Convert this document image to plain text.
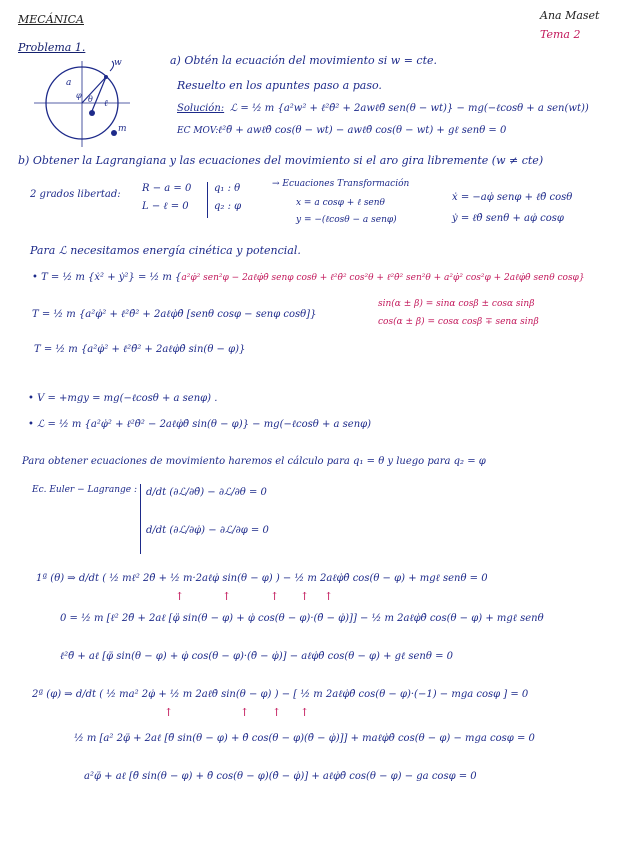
MECÁNICA	Ana Maset
Tema 2
Problema 1.
w
a
θ
φ
ℓ
m
a) Obtén la ecuación del movimiento si w = cte.
Resuelto en los apuntes paso a paso.
Solución: ℒ = ½ m {a²w² + ℓ²θ̇² + 2awℓθ̇ sen(θ − wt)} − mg(−ℓcosθ + a sen(wt))
EC MOV: ℓ²θ̈ + awℓθ̇ cos(θ − wt) − awℓθ̇ cos(θ − wt) + gℓ senθ = 0
b) Obtener la Lagrangiana y las ecuaciones del movimiento si el aro gira libremente (w ≠ cte)
2 grados libertad:
R − a = 0
L − ℓ = 0
q₁ : θ
q₂ : φ
→ Ecuaciones Transformación
x = a cosφ + ℓ senθ
y = −(ℓcosθ − a senφ)
ẋ = −aφ̇ senφ + ℓθ̇ cosθ
ẏ = ℓθ̇ senθ + aφ̇ cosφ
Para ℒ necesitamos energía cinética y potencial.
• T = ½ m {ẋ² + ẏ²} = ½ m {a²φ̇² sen²φ − 2aℓφ̇θ̇ senφ cosθ + ℓ²θ̇² cos²θ + ℓ²θ̇² sen²θ + a²φ̇² cos²φ + 2aℓφ̇θ̇ senθ cosφ}
T = ½ m {a²φ̇² + ℓ²θ̇² + 2aℓφ̇θ̇ [senθ cosφ − senφ cosθ]}
sin(α ± β) = sinα cosβ ± cosα sinβ
cos(α ± β) = cosα cosβ ∓ senα sinβ
T = ½ m {a²φ̇² + ℓ²θ̇² + 2aℓφ̇θ̇ sin(θ − φ)}
• V = +mgy = mg(−ℓcosθ + a senφ) .
• ℒ = ½ m {a²φ̇² + ℓ²θ̇² − 2aℓφ̇θ̇ sin(θ − φ)} − mg(−ℓcosθ + a senφ)
Para obtener ecuaciones de movimiento haremos el cálculo para q₁ = θ y luego para q₂ = φ
Ec. Euler − Lagrange : d/dt (∂ℒ/∂θ̇) − ∂ℒ/∂θ = 0
d/dt (∂ℒ/∂φ̇) − ∂ℒ/∂φ = 0
1ª (θ) ⇒ d/dt ( ½ mℓ² 2θ̇ + ½ m·2aℓφ̇ sin(θ − φ) ) − ½ m 2aℓφ̇θ̇ cos(θ − φ) + mgℓ senθ = 0
↑	↑	↑ ↑ ↑
0 = ½ m [ℓ² 2θ̈ + 2aℓ [φ̈ sin(θ − φ) + φ̇ cos(θ − φ)·(θ̇ − φ̇)]] − ½ m 2aℓφ̇θ̇ cos(θ − φ) + mgℓ senθ
ℓ²θ̈ + aℓ [φ̈ sin(θ − φ) + φ̇ cos(θ − φ)·(θ̇ − φ̇)] − aℓφ̇θ̇ cos(θ − φ) + gℓ senθ = 0
2ª (φ) ⇒ d/dt ( ½ ma² 2φ̇ + ½ m 2aℓθ̇ sin(θ − φ) ) − [ ½ m 2aℓφ̇θ̇ cos(θ − φ)·(−1) − mga cosφ ] = 0
↑	↑ ↑ ↑
½ m [a² 2φ̈ + 2aℓ [θ̈ sin(θ − φ) + θ̇ cos(θ − φ)(θ̇ − φ̇)]] + maℓφ̇θ̇ cos(θ − φ) − mga cosφ = 0
a²φ̈ + aℓ [θ̈ sin(θ − φ) + θ̇ cos(θ − φ)(θ̇ − φ̇)] + aℓφ̇θ̇ cos(θ − φ) − ga cosφ = 0
